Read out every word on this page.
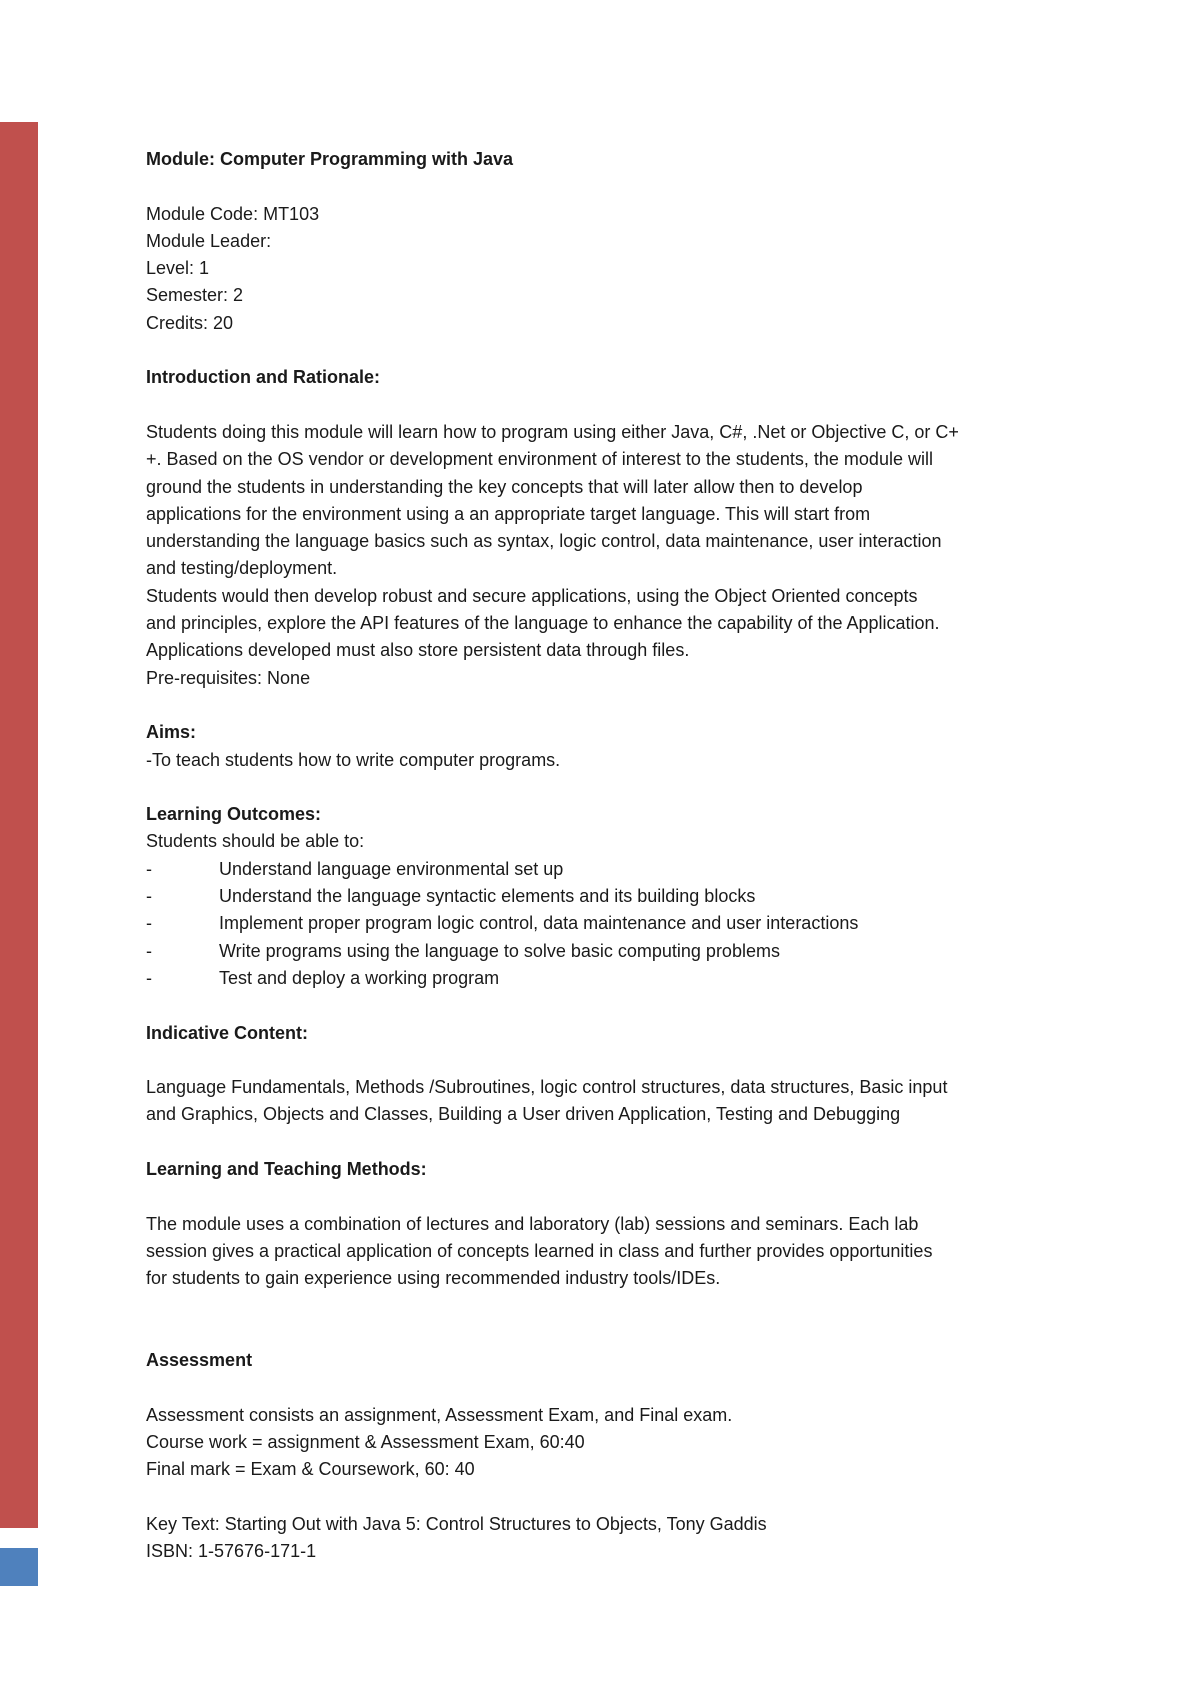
Module: Computer Programming with Java
Module Code: MT103
Module Leader:
Level: 1
Semester: 2
Credits: 20
Introduction and Rationale:
Students doing this module will learn how to program using either Java, C#, .Net or Objective C, or C+
+. Based on the OS vendor or development environment of interest to the students, the module will
ground the students in understanding the key concepts that will later allow then to develop
applications for the environment using a an appropriate target language. This will start from
understanding the language basics such as syntax, logic control, data maintenance, user interaction
and testing/deployment.
Students would then develop robust and secure applications, using the Object Oriented concepts
and principles, explore the API features of the language to enhance the capability of the Application.
Applications developed must also store persistent data through files.
Pre-requisites: None
Aims:
-To teach students how to write computer programs.
Learning Outcomes:
Students should be able to:
-	Understand language environmental set up
-	Understand the language syntactic elements and its building blocks
-	Implement proper program logic control, data maintenance and user interactions
-	Write programs using the language to solve basic computing problems
-	Test and deploy a working program
Indicative Content:
Language Fundamentals, Methods /Subroutines, logic control structures, data structures, Basic input
and Graphics, Objects and Classes, Building a User driven Application, Testing and Debugging
Learning and Teaching Methods:
The module uses a combination of lectures and laboratory (lab) sessions and seminars. Each lab
session gives a practical application of concepts learned in class and further provides opportunities
for students to gain experience using recommended industry tools/IDEs.
Assessment
Assessment consists an assignment, Assessment Exam, and Final exam.
Course work = assignment & Assessment Exam, 60:40
Final mark = Exam & Coursework, 60: 40
Key Text: Starting Out with Java 5: Control Structures to Objects, Tony Gaddis
ISBN: 1-57676-171-1
